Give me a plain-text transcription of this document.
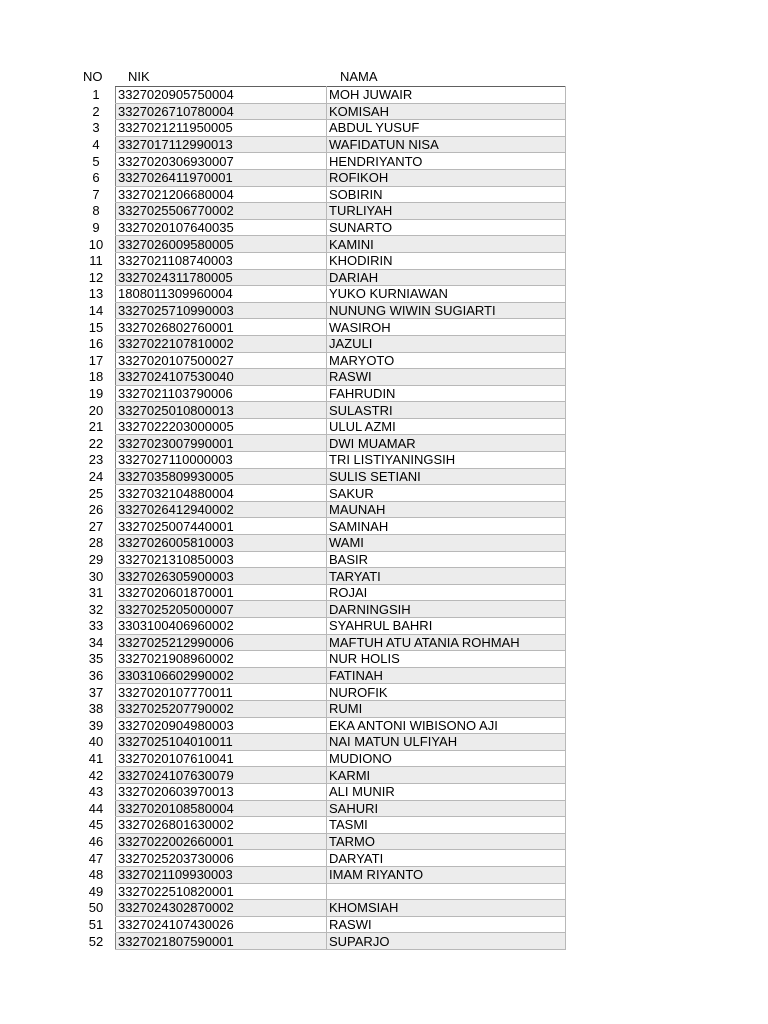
NO NIK	NAMA
1	3327020905750004	MOH JUWAIR
2	3327026710780004	KOMISAH
3	3327021211950005	ABDUL YUSUF
4	3327017112990013	WAFIDATUN NISA
5	3327020306930007	HENDRIYANTO
6	3327026411970001	ROFIKOH
7	3327021206680004	SOBIRIN
8	3327025506770002	TURLIYAH
9	3327020107640035	SUNARTO
10	3327026009580005	KAMINI
11	3327021108740003	KHODIRIN
12	3327024311780005	DARIAH
13	1808011309960004	YUKO KURNIAWAN
14	3327025710990003	NUNUNG WIWIN SUGIARTI
15	3327026802760001	WASIROH
16	3327022107810002	JAZULI
17	3327020107500027	MARYOTO
18	3327024107530040	RASWI
19	3327021103790006	FAHRUDIN
20	3327025010800013	SULASTRI
21	3327022203000005	ULUL AZMI
22	3327023007990001	DWI MUAMAR
23	3327027110000003	TRI LISTIYANINGSIH
24	3327035809930005	SULIS SETIANI
25	3327032104880004	SAKUR
26	3327026412940002	MAUNAH
27	3327025007440001	SAMINAH
28	3327026005810003	WAMI
29	3327021310850003	BASIR
30	3327026305900003	TARYATI
31	3327020601870001	ROJAI
32	3327025205000007	DARNINGSIH
33	3303100406960002	SYAHRUL BAHRI
34	3327025212990006	MAFTUH ATU ATANIA ROHMAH
35	3327021908960002	NUR HOLIS
36	3303106602990002	FATINAH
37	3327020107770011	NUROFIK
38	3327025207790002	RUMI
39	3327020904980003	EKA ANTONI WIBISONO AJI
40	3327025104010011	NAI MATUN ULFIYAH
41	3327020107610041	MUDIONO
42	3327024107630079	KARMI
43	3327020603970013	ALI MUNIR
44	3327020108580004	SAHURI
45	3327026801630002	TASMI
46	3327022002660001	TARMO
47	3327025203730006	DARYATI
48	3327021109930003	IMAM RIYANTO
49	3327022510820001	
50	3327024302870002	KHOMSIAH
51	3327024107430026	RASWI
52	3327021807590001	SUPARJO
